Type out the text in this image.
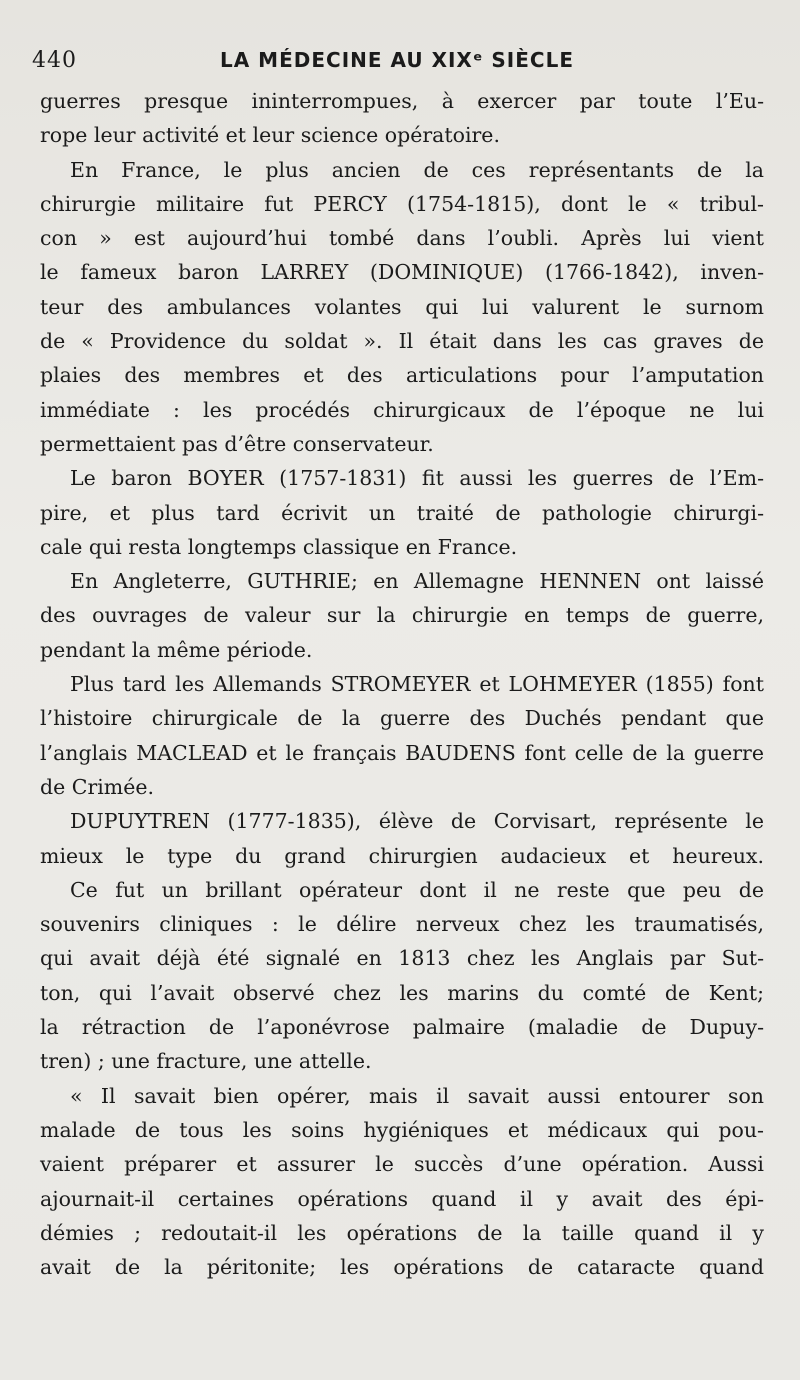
440	LA MÉDECINE AU XIXᵉ SIÈCLE
guerres presque ininterrompues, à exercer par toute l’Eu-
rope leur activité et leur science opératoire.
En France, le plus ancien de ces représentants de la
chirurgie militaire fut PERCY (1754-1815), dont le « tribul-
con » est aujourd’hui tombé dans l’oubli. Après lui vient
le fameux baron LARREY (DOMINIQUE) (1766-1842), inven-
teur des ambulances volantes qui lui valurent le surnom
de « Providence du soldat ». Il était dans les cas graves de
plaies des membres et des articulations pour l’amputation
immédiate : les procédés chirurgicaux de l’époque ne lui
permettaient pas d’être conservateur.
Le baron BOYER (1757-1831) fit aussi les guerres de l’Em-
pire, et plus tard écrivit un traité de pathologie chirurgi-
cale qui resta longtemps classique en France.
En Angleterre, GUTHRIE; en Allemagne HENNEN ont laissé
des ouvrages de valeur sur la chirurgie en temps de guerre,
pendant la même période.
Plus tard les Allemands STROMEYER et LOHMEYER (1855) font
l’histoire chirurgicale de la guerre des Duchés pendant que
l’anglais MACLEAD et le français BAUDENS font celle de la guerre
de Crimée.
DUPUYTREN (1777-1835), élève de Corvisart, représente le
mieux le type du grand chirurgien audacieux et heureux.
Ce fut un brillant opérateur dont il ne reste que peu de
souvenirs cliniques : le délire nerveux chez les traumatisés,
qui avait déjà été signalé en 1813 chez les Anglais par Sut-
ton, qui l’avait observé chez les marins du comté de Kent;
la rétraction de l’aponévrose palmaire (maladie de Dupuy-
tren) ; une fracture, une attelle.
« Il savait bien opérer, mais il savait aussi entourer son
malade de tous les soins hygiéniques et médicaux qui pou-
vaient préparer et assurer le succès d’une opération. Aussi
ajournait-il certaines opérations quand il y avait des épi-
démies ; redoutait-il les opérations de la taille quand il y
avait de la péritonite; les opérations de cataracte quand
